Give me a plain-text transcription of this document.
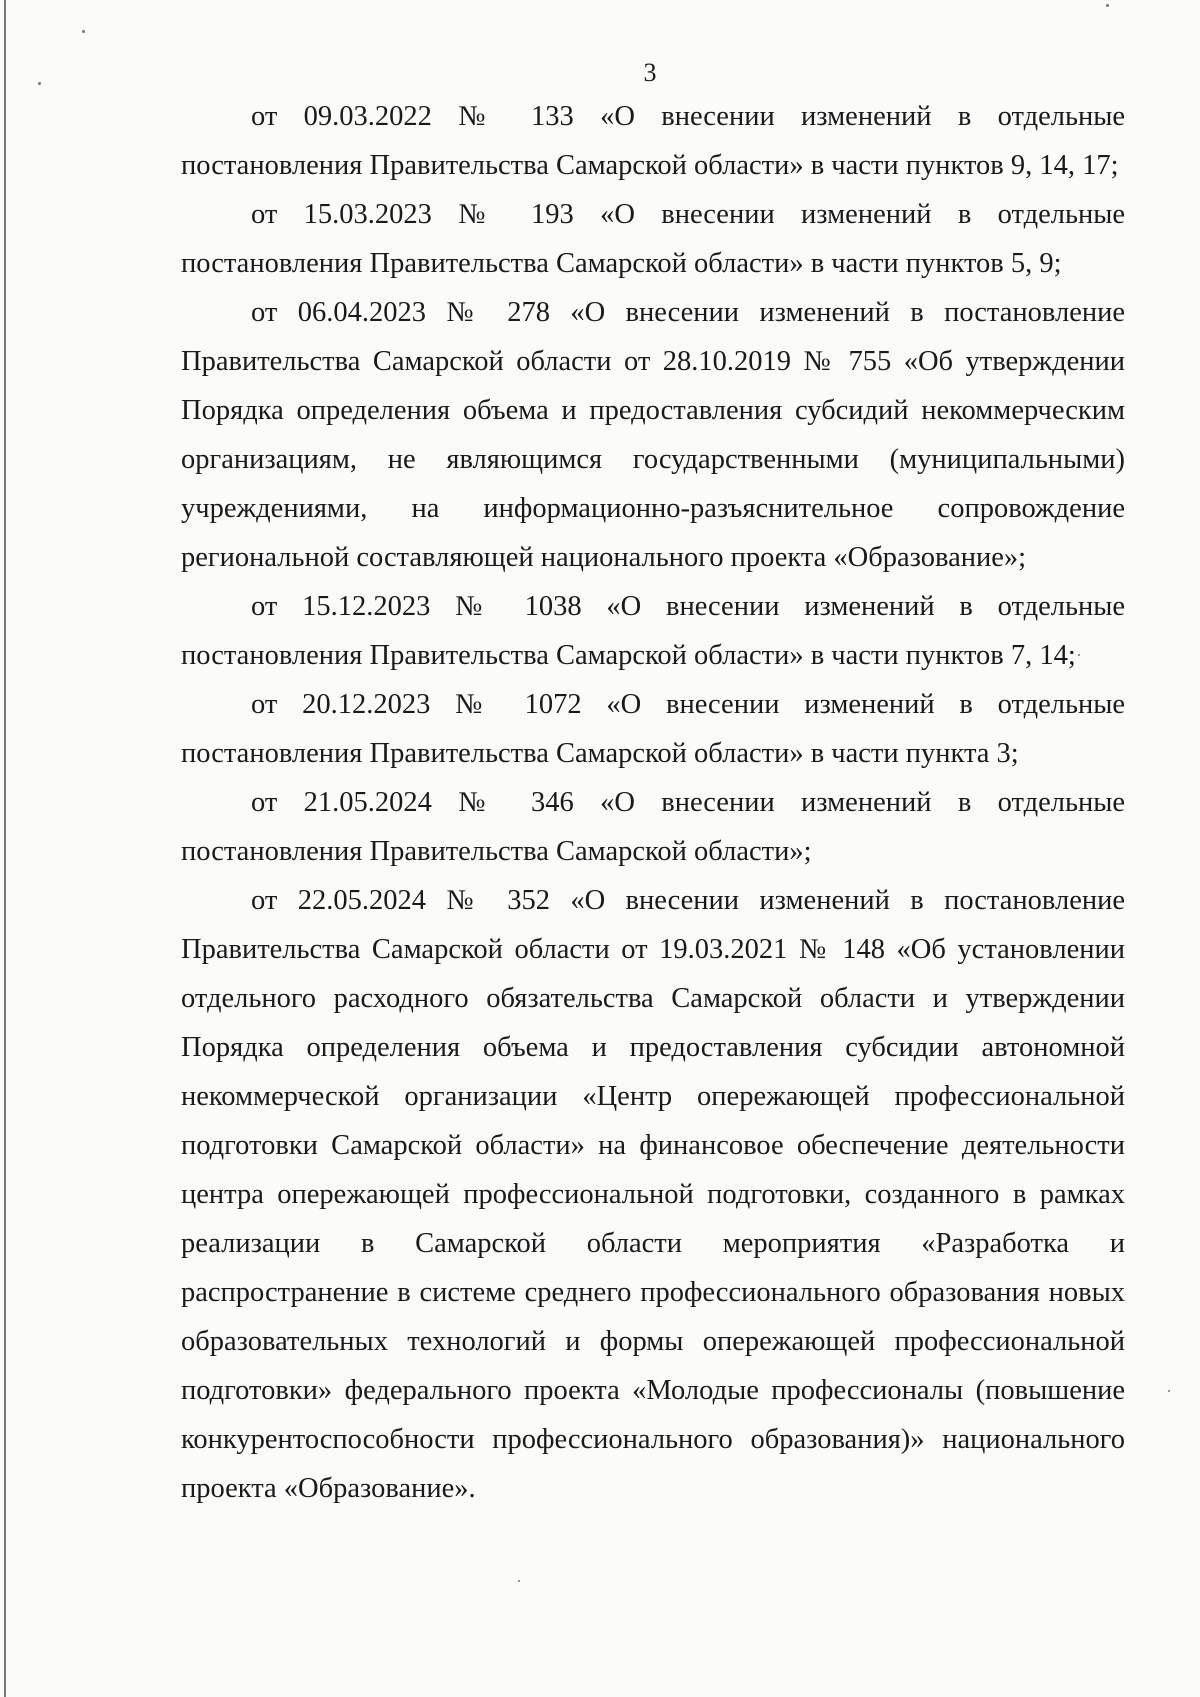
3

от 09.03.2022 № 133 «О внесении изменений в отдельные постановления Правительства Самарской области» в части пунктов 9, 14, 17;

от 15.03.2023 № 193 «О внесении изменений в отдельные постановления Правительства Самарской области» в части пунктов 5, 9;

от 06.04.2023 № 278 «О внесении изменений в постановление Правительства Самарской области от 28.10.2019 № 755 «Об утверждении Порядка определения объема и предоставления субсидий некоммерческим организациям, не являющимся государственными (муниципальными) учреждениями, на информационно-разъяснительное сопровождение региональной составляющей национального проекта «Образование»;

от 15.12.2023 № 1038 «О внесении изменений в отдельные постановления Правительства Самарской области» в части пунктов 7, 14;

от 20.12.2023 № 1072 «О внесении изменений в отдельные постановления Правительства Самарской области» в части пункта 3;

от 21.05.2024 № 346 «О внесении изменений в отдельные постановления Правительства Самарской области»;

от 22.05.2024 № 352 «О внесении изменений в постановление Правительства Самарской области от 19.03.2021 № 148 «Об установлении отдельного расходного обязательства Самарской области и утверждении Порядка определения объема и предоставления субсидии автономной некоммерческой организации «Центр опережающей профессиональной подготовки Самарской области» на финансовое обеспечение деятельности центра опережающей профессиональной подготовки, созданного в рамках реализации в Самарской области мероприятия «Разработка и распространение в системе среднего профессионального образования новых образовательных технологий и формы опережающей профессиональной подготовки» федерального проекта «Молодые профессионалы (повышение конкурентоспособности профессионального образования)» национального проекта «Образование».
